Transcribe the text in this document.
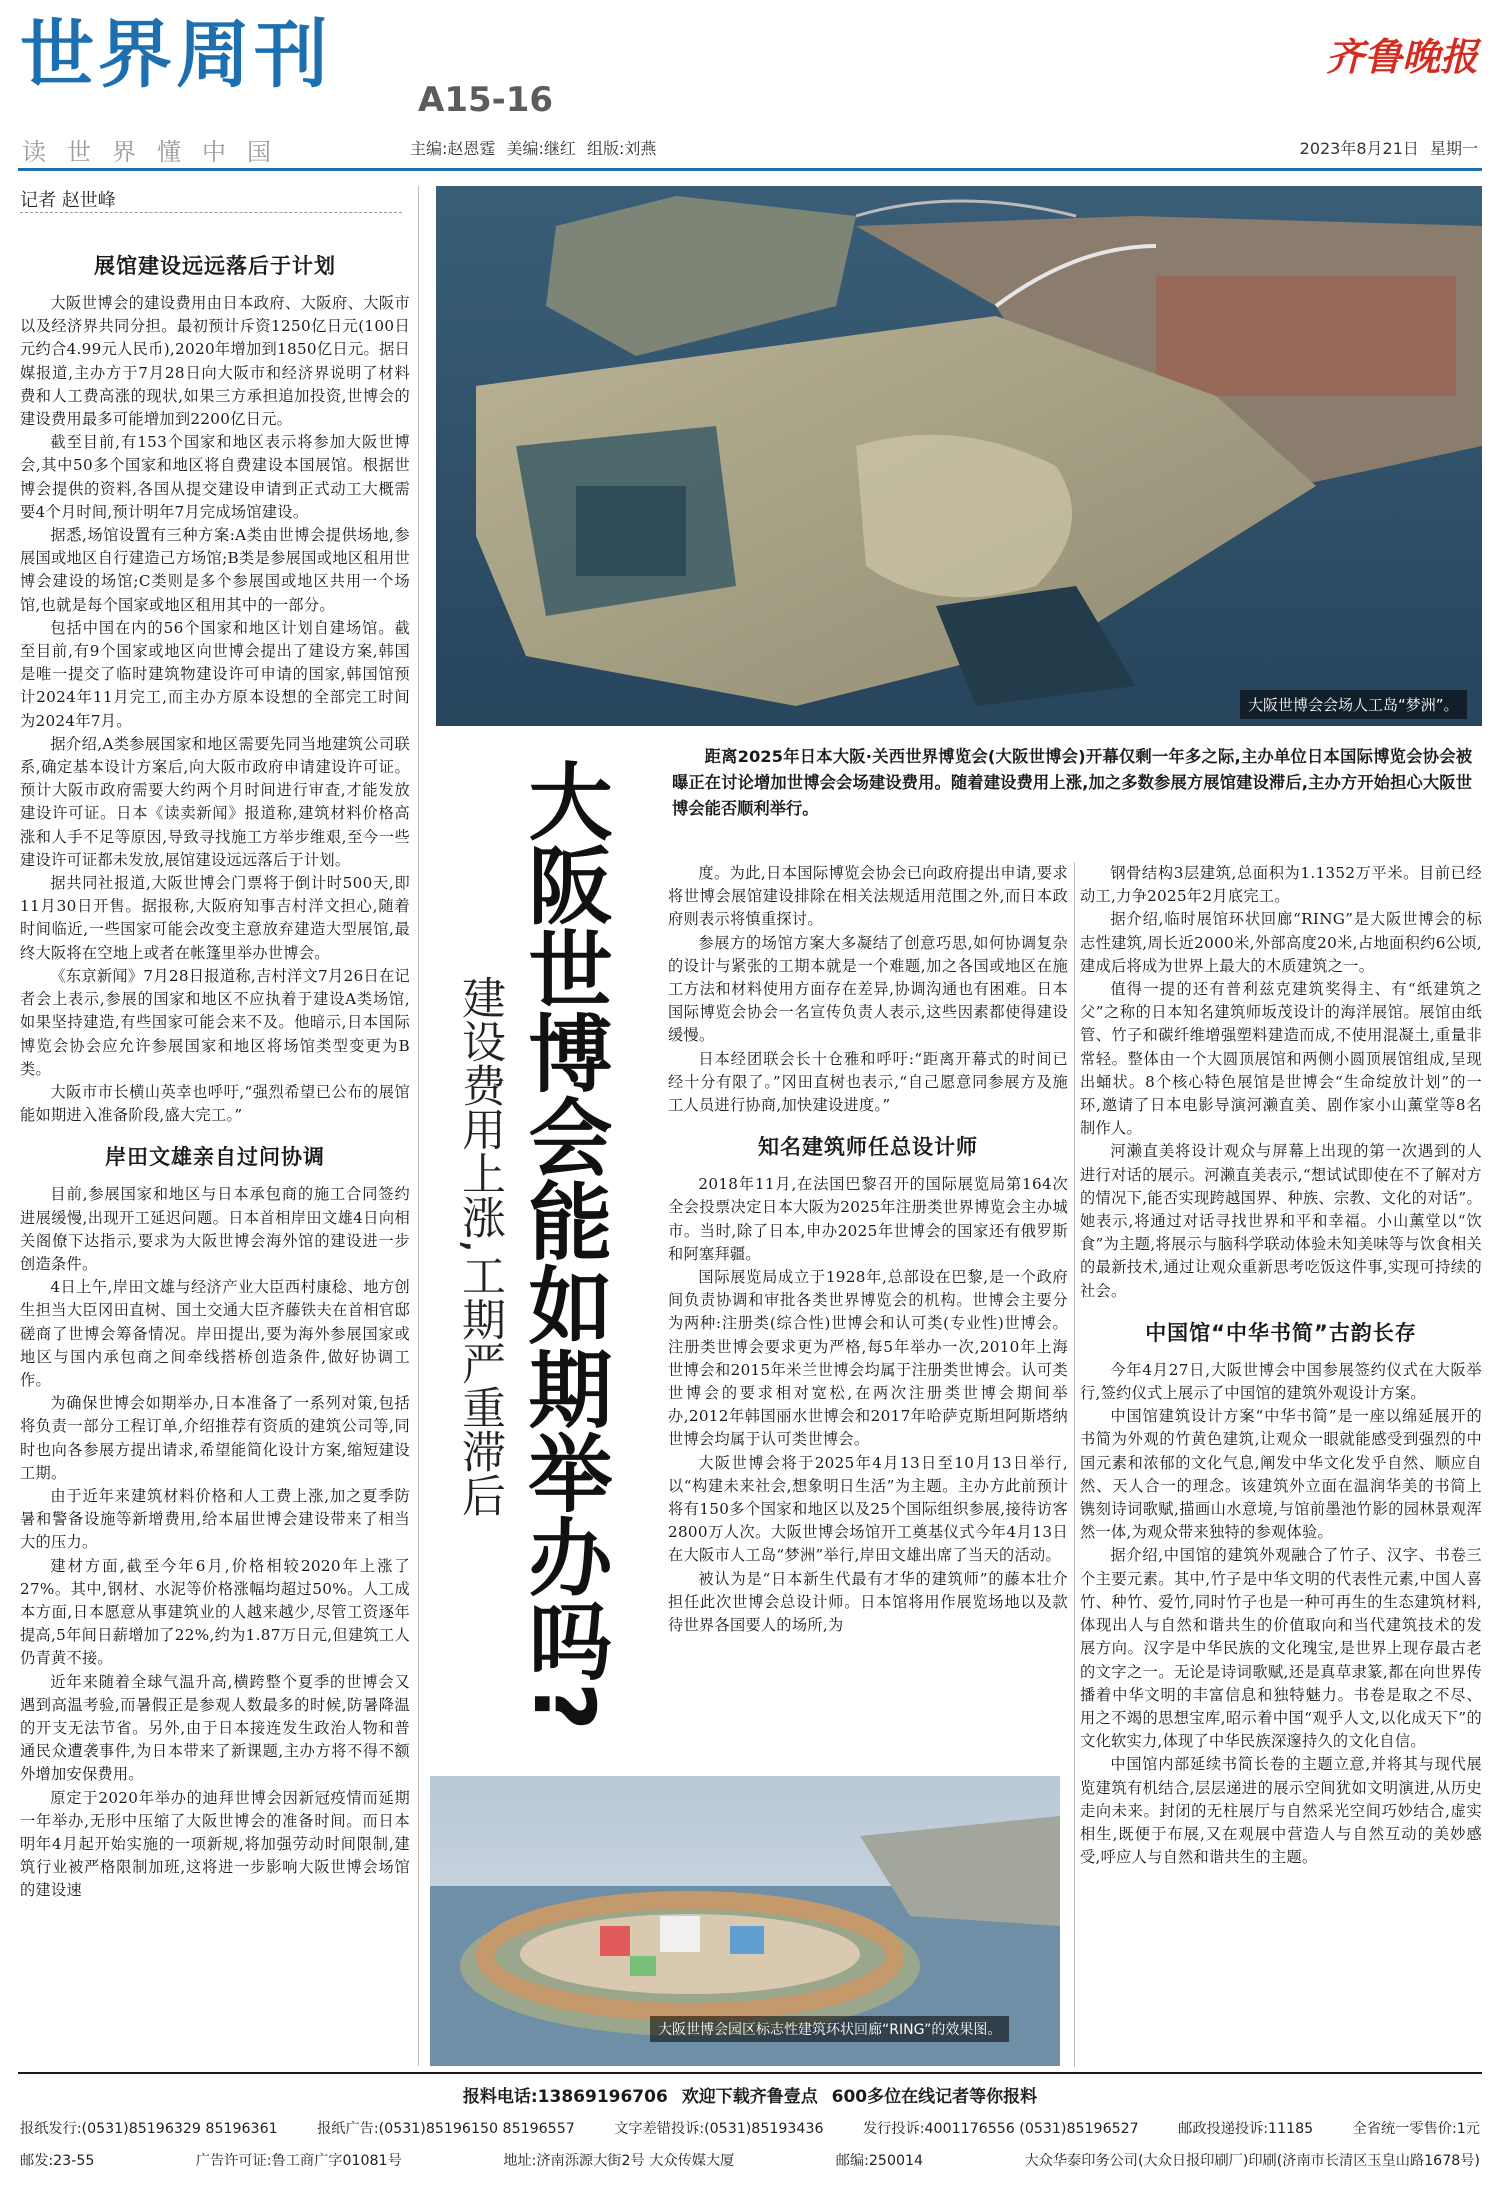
世界周刊
A15-16
齐鲁晚报
读世界懂中国	主编:赵恩霆 美编:继红 组版:刘燕	2023年8月21日 星期一
记者 赵世峰
展馆建设远远落后于计划

大阪世博会的建设费用由日本政府、大阪府、大阪市以及经济界共同分担。最初预计斥资1250亿日元(100日元约合4.99元人民币),2020年增加到1850亿日元。据日媒报道,主办方于7月28日向大阪市和经济界说明了材料费和人工费高涨的现状,如果三方承担追加投资,世博会的建设费用最多可能增加到2200亿日元。

截至目前,有153个国家和地区表示将参加大阪世博会,其中50多个国家和地区将自费建设本国展馆。根据世博会提供的资料,各国从提交建设申请到正式动工大概需要4个月时间,预计明年7月完成场馆建设。

据悉,场馆设置有三种方案:A类由世博会提供场地,参展国或地区自行建造己方场馆;B类是参展国或地区租用世博会建设的场馆;C类则是多个参展国或地区共用一个场馆,也就是每个国家或地区租用其中的一部分。

包括中国在内的56个国家和地区计划自建场馆。截至目前,有9个国家或地区向世博会提出了建设方案,韩国是唯一提交了临时建筑物建设许可申请的国家,韩国馆预计2024年11月完工,而主办方原本设想的全部完工时间为2024年7月。

据介绍,A类参展国家和地区需要先同当地建筑公司联系,确定基本设计方案后,向大阪市政府申请建设许可证。预计大阪市政府需要大约两个月时间进行审査,才能发放建设许可证。日本《读卖新闻》报道称,建筑材料价格高涨和人手不足等原因,导致寻找施工方举步维艰,至今一些建设许可证都未发放,展馆建设远远落后于计划。

据共同社报道,大阪世博会门票将于倒计时500天,即11月30日开售。据报称,大阪府知事吉村洋文担心,随着时间临近,一些国家可能会改变主意放弃建造大型展馆,最终大阪将在空地上或者在帐篷里举办世博会。

《东京新闻》7月28日报道称,吉村洋文7月26日在记者会上表示,参展的国家和地区不应执着于建设A类场馆,如果坚持建造,有些国家可能会来不及。他暗示,日本国际博览会协会应允许参展国家和地区将场馆类型变更为B类。

大阪市市长横山英幸也呼吁,“强烈希望已公布的展馆能如期进入准备阶段,盛大完工。”

岸田文雄亲自过问协调

目前,参展国家和地区与日本承包商的施工合同签约进展缓慢,出现开工延迟问题。日本首相岸田文雄4日向相关阁僚下达指示,要求为大阪世博会海外馆的建设进一步创造条件。

4日上午,岸田文雄与经济产业大臣西村康稔、地方创生担当大臣冈田直树、国土交通大臣齐藤铁夫在首相官邸磋商了世博会筹备情况。岸田提出,要为海外参展国家或地区与国内承包商之间牵线搭桥创造条件,做好协调工作。

为确保世博会如期举办,日本准备了一系列对策,包括将负责一部分工程订单,介绍推荐有资质的建筑公司等,同时也向各参展方提出请求,希望能简化设计方案,缩短建设工期。

由于近年来建筑材料价格和人工费上涨,加之夏季防暑和警备设施等新增费用,给本届世博会建设带来了相当大的压力。

建材方面,截至今年6月,价格相较2020年上涨了27%。其中,钢材、水泥等价格涨幅均超过50%。人工成本方面,日本愿意从事建筑业的人越来越少,尽管工资逐年提高,5年间日薪增加了22%,约为1.87万日元,但建筑工人仍青黄不接。

近年来随着全球气温升高,横跨整个夏季的世博会又遇到高温考验,而暑假正是参观人数最多的时候,防暑降温的开支无法节省。另外,由于日本接连发生政治人物和普通民众遭袭事件,为日本带来了新课题,主办方将不得不额外增加安保费用。

原定于2020年举办的迪拜世博会因新冠疫情而延期一年举办,无形中压缩了大阪世博会的准备时间。而日本明年4月起开始实施的一项新规,将加强劳动时间限制,建筑行业被严格限制加班,这将进一步影响大阪世博会场馆的建设速

大阪世博会会场人工岛“梦洲”。
距离2025年日本大阪·关西世界博览会(大阪世博会)开幕仅剩一年多之际,主办单位日本国际博览会协会被曝正在讨论增加世博会会场建设费用。随着建设费用上涨,加之多数参展方展馆建设滞后,主办方开始担心大阪世博会能否顺利举行。
大阪世博会能如期举办吗?
建设费用上涨,工期严重滞后

度。为此,日本国际博览会协会已向政府提出申请,要求将世博会展馆建设排除在相关法规适用范围之外,而日本政府则表示将慎重探讨。

参展方的场馆方案大多凝结了创意巧思,如何协调复杂的设计与紧张的工期本就是一个难题,加之各国或地区在施工方法和材料使用方面存在差异,协调沟通也有困难。日本国际博览会协会一名宣传负责人表示,这些因素都使得建设缓慢。

日本经团联会长十仓雅和呼吁:“距离开幕式的时间已经十分有限了。”冈田直树也表示,“自己愿意同参展方及施工人员进行协商,加快建设进度。”

知名建筑师任总设计师

2018年11月,在法国巴黎召开的国际展览局第164次全会投票决定日本大阪为2025年注册类世界博览会主办城市。当时,除了日本,申办2025年世博会的国家还有俄罗斯和阿塞拜疆。

国际展览局成立于1928年,总部设在巴黎,是一个政府间负责协调和审批各类世界博览会的机构。世博会主要分为两种:注册类(综合性)世博会和认可类(专业性)世博会。注册类世博会要求更为严格,每5年举办一次,2010年上海世博会和2015年米兰世博会均属于注册类世博会。认可类世博会的要求相对宽松,在两次注册类世博会期间举办,2012年韩国丽水世博会和2017年哈萨克斯坦阿斯塔纳世博会均属于认可类世博会。

大阪世博会将于2025年4月13日至10月13日举行,以“构建未来社会,想象明日生活”为主题。主办方此前预计将有150多个国家和地区以及25个国际组织参展,接待访客2800万人次。大阪世博会场馆开工奠基仪式今年4月13日在大阪市人工岛“梦洲”举行,岸田文雄出席了当天的活动。

被认为是“日本新生代最有才华的建筑师”的藤本壮介担任此次世博会总设计师。日本馆将用作展览场地以及款待世界各国要人的场所,为

大阪世博会园区标志性建筑环状回廊“RING”的效果图。

钢骨结构3层建筑,总面积为1.1352万平米。目前已经动工,力争2025年2月底完工。

据介绍,临时展馆环状回廊“RING”是大阪世博会的标志性建筑,周长近2000米,外部高度20米,占地面积约6公顷,建成后将成为世界上最大的木质建筑之一。

值得一提的还有普利兹克建筑奖得主、有“纸建筑之父”之称的日本知名建筑师坂茂设计的海洋展馆。展馆由纸管、竹子和碳纤维增强塑料建造而成,不使用混凝土,重量非常轻。整体由一个大圆顶展馆和两侧小圆顶展馆组成,呈现出蛹状。8个核心特色展馆是世博会“生命绽放计划”的一环,邀请了日本电影导演河濑直美、剧作家小山薰堂等8名制作人。

河濑直美将设计观众与屏幕上出现的第一次遇到的人进行对话的展示。河濑直美表示,“想试试即使在不了解对方的情况下,能否实现跨越国界、种族、宗教、文化的对话”。她表示,将通过对话寻找世界和平和幸福。小山薰堂以“饮食”为主题,将展示与脑科学联动体验未知美味等与饮食相关的最新技术,通过让观众重新思考吃饭这件事,实现可持续的社会。

中国馆“中华书简”古韵长存

今年4月27日,大阪世博会中国参展签约仪式在大阪举行,签约仪式上展示了中国馆的建筑外观设计方案。

中国馆建筑设计方案“中华书简”是一座以绵延展开的书简为外观的竹黄色建筑,让观众一眼就能感受到强烈的中国元素和浓郁的文化气息,阐发中华文化发乎自然、顺应自然、天人合一的理念。该建筑外立面在温润华美的书简上镌刻诗词歌赋,描画山水意境,与馆前墨池竹影的园林景观浑然一体,为观众带来独特的参观体验。

据介绍,中国馆的建筑外观融合了竹子、汉字、书卷三个主要元素。其中,竹子是中华文明的代表性元素,中国人喜竹、种竹、爱竹,同时竹子也是一种可再生的生态建筑材料,体现出人与自然和谐共生的价值取向和当代建筑技术的发展方向。汉字是中华民族的文化瑰宝,是世界上现存最古老的文字之一。无论是诗词歌赋,还是真草隶篆,都在向世界传播着中华文明的丰富信息和独特魅力。书卷是取之不尽、用之不竭的思想宝库,昭示着中国“观乎人文,以化成天下”的文化软实力,体现了中华民族深邃持久的文化自信。

中国馆内部延续书简长卷的主题立意,并将其与现代展览建筑有机结合,层层递进的展示空间犹如文明演进,从历史走向未来。封闭的无柱展厅与自然采光空间巧妙结合,虚实相生,既便于布展,又在观展中营造人与自然互动的美妙感受,呼应人与自然和谐共生的主题。

报料电话:13869196706 欢迎下载齐鲁壹点 600多位在线记者等你报料
报纸发行:(0531)85196329 85196361	报纸广告:(0531)85196150 85196557	文字差错投诉:(0531)85193436	发行投诉:4001176556 (0531)85196527	邮政投递投诉:11185	全省统一零售价:1元
邮发:23-55	广告许可证:鲁工商广字01081号	地址:济南泺源大街2号 大众传媒大厦	邮编:250014	大众华泰印务公司(大众日报印刷厂)印刷(济南市长清区玉皇山路1678号)
